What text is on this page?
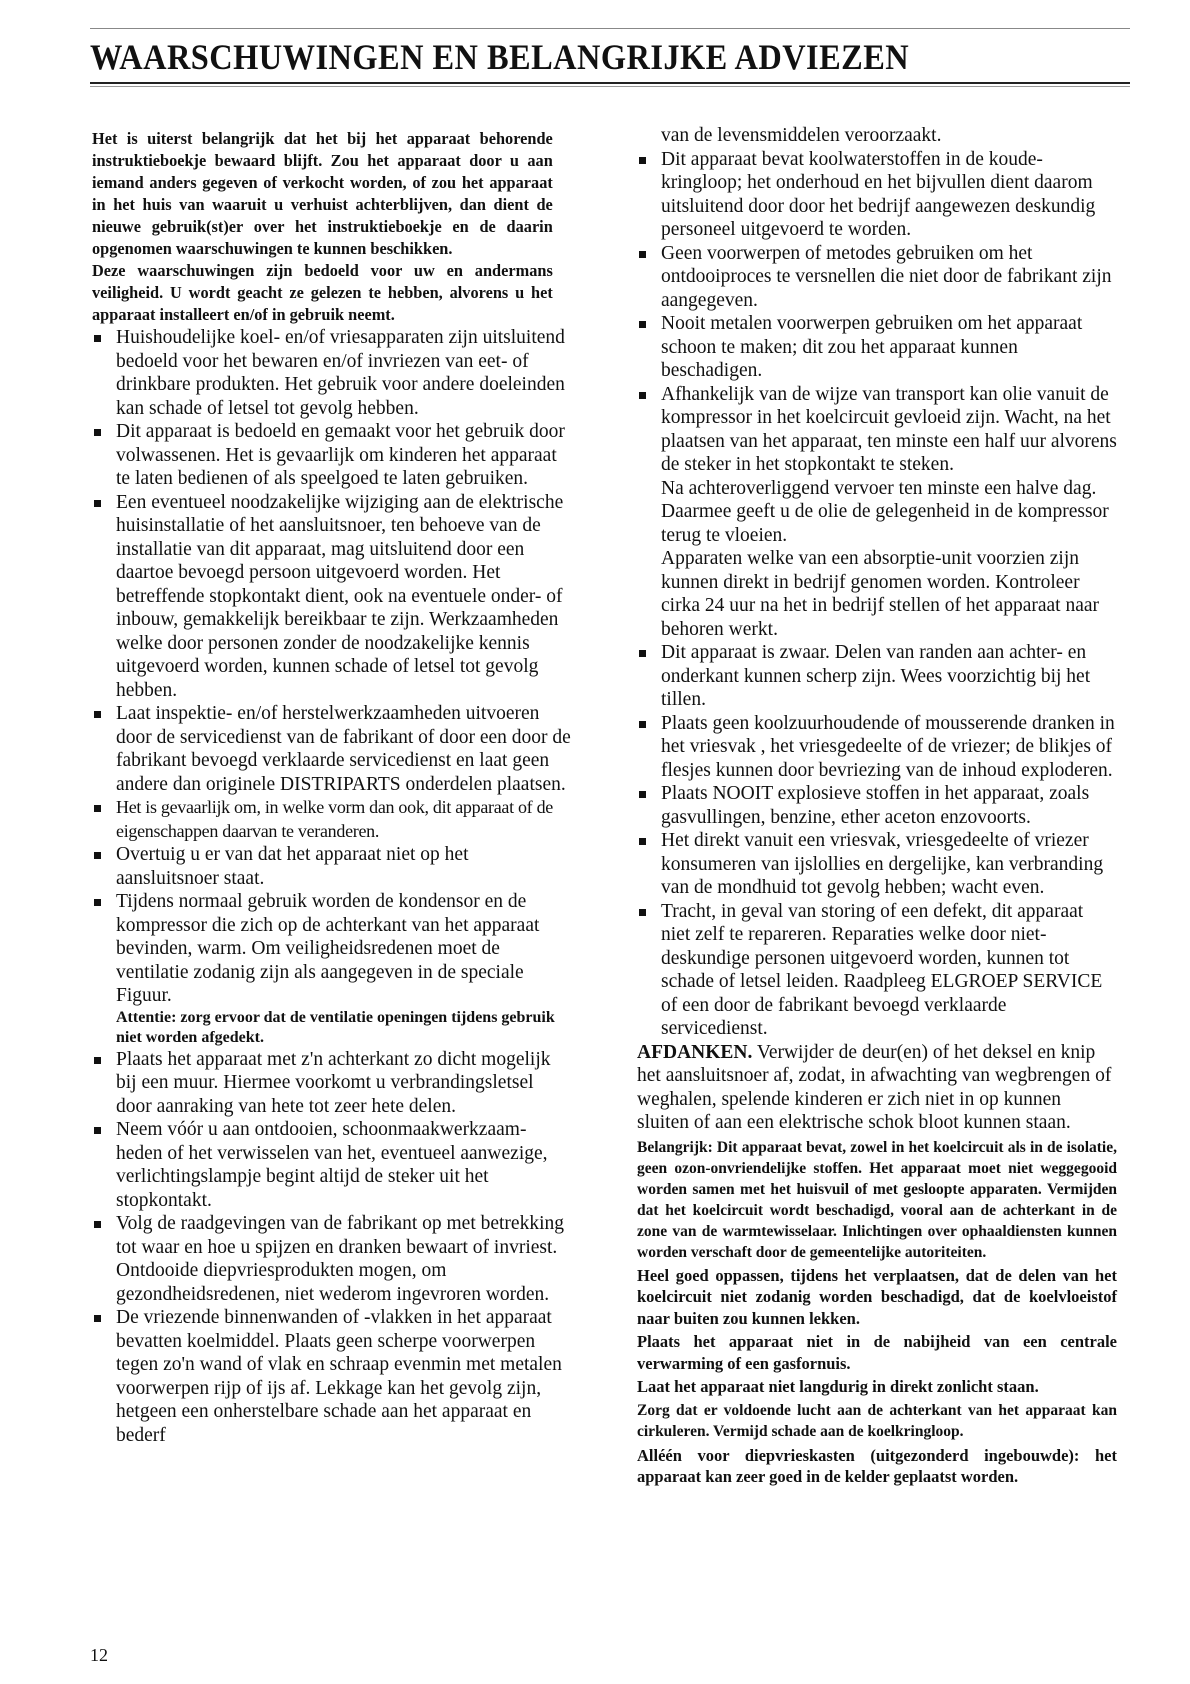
WAARSCHUWINGEN EN BELANGRIJKE ADVIEZEN

Het is uiterst belangrijk dat het bij het apparaat behorende instruktieboekje bewaard blijft. Zou het apparaat door u aan iemand anders gegeven of verkocht worden, of zou het apparaat in het huis van waaruit u verhuist achterblijven, dan dient de nieuwe gebruik(st)er over het instruktieboekje en de daarin opgenomen waarschuwingen te kunnen beschikken.

Deze waarschuwingen zijn bedoeld voor uw en andermans veiligheid. U wordt geacht ze gelezen te hebben, alvorens u het apparaat installeert en/of in gebruik neemt.

Huishoudelijke koel- en/of vriesapparaten zijn uitsluitend bedoeld voor het bewaren en/of invriezen van eet- of drinkbare produkten. Het gebruik voor andere doeleinden kan schade of letsel tot gevolg hebben.
Dit apparaat is bedoeld en gemaakt voor het gebruik door volwassenen. Het is gevaarlijk om kinderen het apparaat te laten bedienen of als speelgoed te laten gebruiken.
Een eventueel noodzakelijke wijziging aan de elektrische huisinstallatie of het aansluitsnoer, ten behoeve van de installatie van dit apparaat, mag uitsluitend door een daartoe bevoegd persoon uitgevoerd worden. Het betreffende stopkontakt dient, ook na eventuele onder- of inbouw, gemakkelijk bereikbaar te zijn. Werkzaamheden welke door personen zonder de noodzakelijke kennis uitgevoerd worden, kunnen schade of letsel tot gevolg hebben.
Laat inspektie- en/of herstelwerkzaamheden uitvoeren door de servicedienst van de fabrikant of door een door de fabrikant bevoegd verklaarde servicedienst en laat geen andere dan originele DISTRIPARTS onderdelen plaatsen.
Het is gevaarlijk om, in welke vorm dan ook, dit apparaat of de eigenschappen daarvan te veranderen.
Overtuig u er van dat het apparaat niet op het aansluitsnoer staat.
Tijdens normaal gebruik worden de kondensor en de kompressor die zich op de achterkant van het apparaat bevinden, warm. Om veiligheidsredenen moet de ventilatie zodanig zijn als aangegeven in de speciale Figuur.
Attentie: zorg ervoor dat de ventilatie openingen tijdens gebruik niet worden afgedekt.
Plaats het apparaat met z'n achterkant zo dicht mogelijk bij een muur. Hiermee voorkomt u verbrandingsletsel door aanraking van hete tot zeer hete delen.
Neem vóór u aan ontdooien, schoonmaakwerkzaam-heden of het verwisselen van het, eventueel aanwezige, verlichtingslampje begint altijd de steker uit het stopkontakt.
Volg de raadgevingen van de fabrikant op met betrekking tot waar en hoe u spijzen en dranken bewaart of invriest. Ontdooide diepvriesprodukten mogen, om gezondheidsredenen, niet wederom ingevroren worden.
De vriezende binnenwanden of -vlakken in het apparaat bevatten koelmiddel. Plaats geen scherpe voorwerpen tegen zo'n wand of vlak en schraap evenmin met metalen voorwerpen rijp of ijs af. Lekkage kan het gevolg zijn, hetgeen een onherstelbare schade aan het apparaat en bederf

van de levensmiddelen veroorzaakt.

Dit apparaat bevat koolwaterstoffen in de koude-kringloop; het onderhoud en het bijvullen dient daarom uitsluitend door door het bedrijf aangewezen deskundig personeel uitgevoerd te worden.
Geen voorwerpen of metodes gebruiken om het ontdooiproces te versnellen die niet door de fabrikant zijn aangegeven.
Nooit metalen voorwerpen gebruiken om het apparaat schoon te maken; dit zou het apparaat kunnen beschadigen.
Afhankelijk van de wijze van transport kan olie vanuit de kompressor in het koelcircuit gevloeid zijn. Wacht, na het plaatsen van het apparaat, ten minste een half uur alvorens de steker in het stopkontakt te steken.
Na achteroverliggend vervoer ten minste een halve dag. Daarmee geeft u de olie de gelegenheid in de kompressor terug te vloeien.
Apparaten welke van een absorptie-unit voorzien zijn kunnen direkt in bedrijf genomen worden. Kontroleer cirka 24 uur na het in bedrijf stellen of het apparaat naar behoren werkt.
Dit apparaat is zwaar. Delen van randen aan achter- en onderkant kunnen scherp zijn. Wees voorzichtig bij het tillen.
Plaats geen koolzuurhoudende of mousserende dranken in het vriesvak , het vriesgedeelte of de vriezer; de blikjes of flesjes kunnen door bevriezing van de inhoud exploderen.
Plaats NOOIT explosieve stoffen in het apparaat, zoals gasvullingen, benzine, ether aceton enzovoorts.
Het direkt vanuit een vriesvak, vriesgedeelte of vriezer konsumeren van ijslollies en dergelijke, kan verbranding van de mondhuid tot gevolg hebben; wacht even.
Tracht, in geval van storing of een defekt, dit apparaat niet zelf te repareren. Reparaties welke door niet-deskundige personen uitgevoerd worden, kunnen tot schade of letsel leiden. Raadpleeg ELGROEP SERVICE of een door de fabrikant bevoegd verklaarde servicedienst.

AFDANKEN. Verwijder de deur(en) of het deksel en knip het aansluitsnoer af, zodat, in afwachting van wegbrengen of weghalen, spelende kinderen er zich niet in op kunnen sluiten of aan een elektrische schok bloot kunnen staan.

Belangrijk: Dit apparaat bevat, zowel in het koelcircuit als in de isolatie, geen ozon-onvriendelijke stoffen. Het apparaat moet niet weggegooid worden samen met het huisvuil of met gesloopte apparaten. Vermijden dat het koelcircuit wordt beschadigd, vooral aan de achterkant in de zone van de warmtewisselaar. Inlichtingen over ophaaldiensten kunnen worden verschaft door de gemeentelijke autoriteiten.

Heel goed oppassen, tijdens het verplaatsen, dat de delen van het koelcircuit niet zodanig worden beschadigd, dat de koelvloeistof naar buiten zou kunnen lekken.

Plaats het apparaat niet in de nabijheid van een centrale verwarming of een gasfornuis.

Laat het apparaat niet langdurig in direkt zonlicht staan.

Zorg dat er voldoende lucht aan de achterkant van het apparaat kan cirkuleren. Vermijd schade aan de koelkringloop.

Alléén voor diepvrieskasten (uitgezonderd ingebouwde): het apparaat kan zeer goed in de kelder geplaatst worden.

12
